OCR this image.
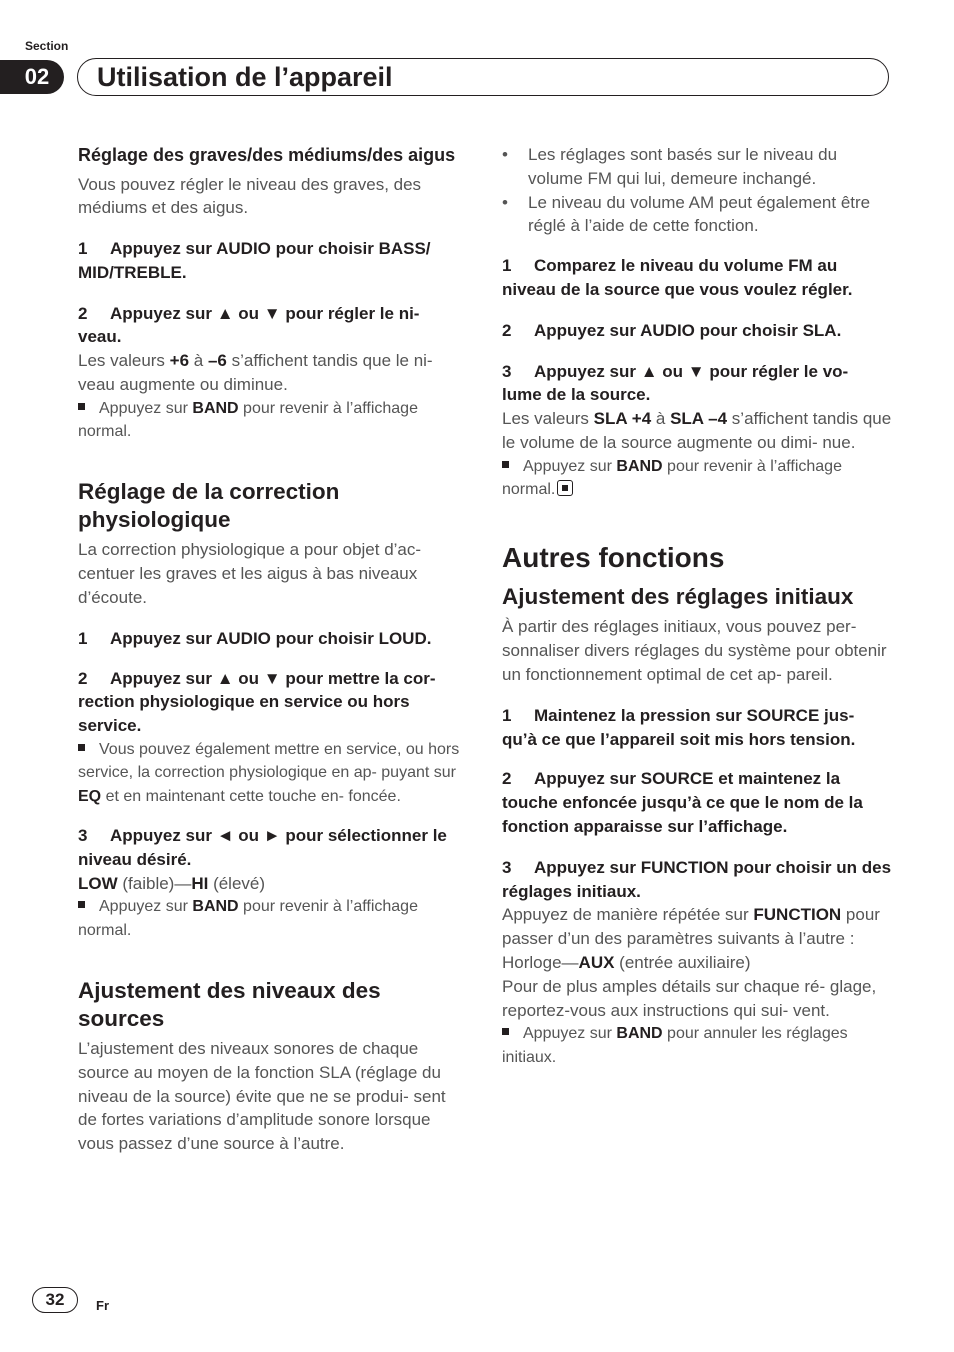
Section
02	Utilisation de l’appareil
Réglage des graves/des médiums/des aigus
Vous pouvez régler le niveau des graves, des médiums et des aigus.
1 Appuyez sur AUDIO pour choisir BASS/ MID/TREBLE.
2 Appuyez sur ▲ ou ▼ pour régler le ni- veau.
Les valeurs +6 à –6 s’affichent tandis que le ni- veau augmente ou diminue.
Appuyez sur BAND pour revenir à l’affichage normal.
Réglage de la correction physiologique
La correction physiologique a pour objet d’ac- centuer les graves et les aigus à bas niveaux d’écoute.
1 Appuyez sur AUDIO pour choisir LOUD.
2 Appuyez sur ▲ ou ▼ pour mettre la cor- rection physiologique en service ou hors service.
Vous pouvez également mettre en service, ou hors service, la correction physiologique en ap- puyant sur EQ et en maintenant cette touche en- foncée.
3 Appuyez sur ◄ ou ► pour sélectionner le niveau désiré.
LOW (faible)—HI (élevé)
Appuyez sur BAND pour revenir à l’affichage normal.
Ajustement des niveaux des sources
L’ajustement des niveaux sonores de chaque source au moyen de la fonction SLA (réglage du niveau de la source) évite que ne se produi- sent de fortes variations d’amplitude sonore lorsque vous passez d’une source à l’autre.
• Les réglages sont basés sur le niveau du volume FM qui lui, demeure inchangé.
• Le niveau du volume AM peut également être réglé à l’aide de cette fonction.
1 Comparez le niveau du volume FM au niveau de la source que vous voulez régler.
2 Appuyez sur AUDIO pour choisir SLA.
3 Appuyez sur ▲ ou ▼ pour régler le vo- lume de la source.
Les valeurs SLA +4 à SLA –4 s’affichent tandis que le volume de la source augmente ou dimi- nue.
Appuyez sur BAND pour revenir à l’affichage normal.
Autres fonctions
Ajustement des réglages initiaux
À partir des réglages initiaux, vous pouvez per- sonnaliser divers réglages du système pour obtenir un fonctionnement optimal de cet ap- pareil.
1 Maintenez la pression sur SOURCE jus- qu’à ce que l’appareil soit mis hors tension.
2 Appuyez sur SOURCE et maintenez la touche enfoncée jusqu’à ce que le nom de la fonction apparaisse sur l’affichage.
3 Appuyez sur FUNCTION pour choisir un des réglages initiaux.
Appuyez de manière répétée sur FUNCTION pour passer d’un des paramètres suivants à l’autre :
Horloge—AUX (entrée auxiliaire)
Pour de plus amples détails sur chaque ré- glage, reportez-vous aux instructions qui sui- vent.
Appuyez sur BAND pour annuler les réglages initiaux.
32	Fr
